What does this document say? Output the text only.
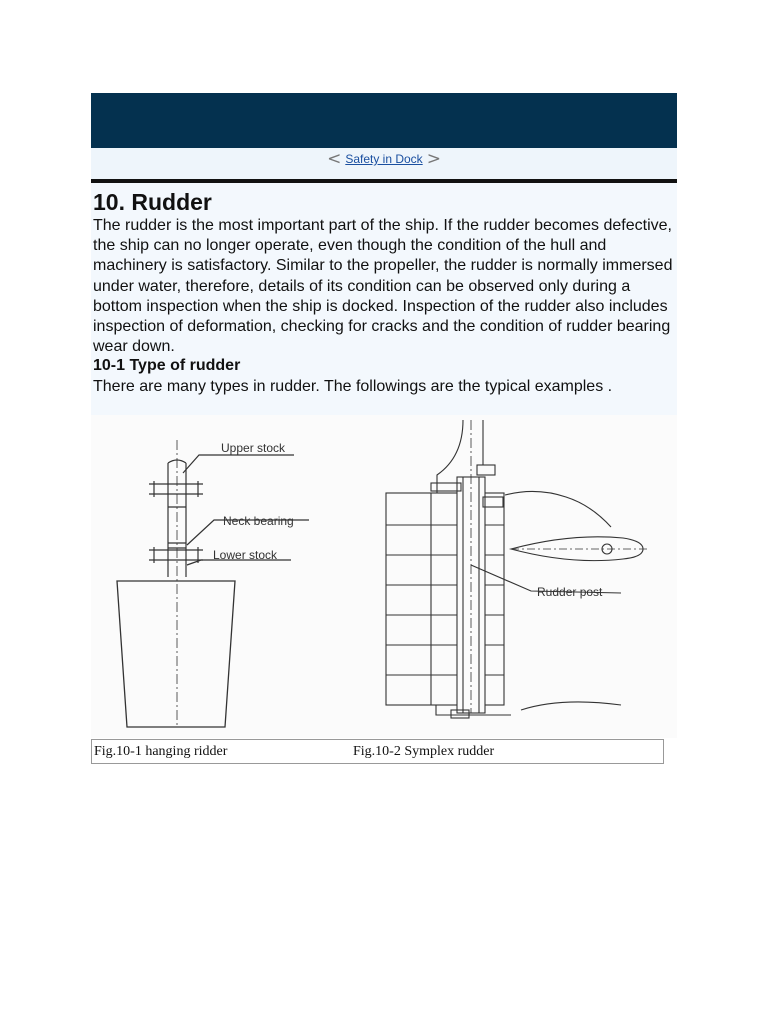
< Safety in Dock >
10. Rudder

The rudder is the most important part of the ship. If the rudder becomes defective, the ship can no longer operate, even though the condition of the hull and machinery is satisfactory. Similar to the propeller, the rudder is normally immersed under water, therefore, details of its condition can be observed only during a bottom inspection when the ship is docked. Inspection of the rudder also includes inspection of deformation, checking for cracks and the condition of rudder bearing wear down.

10-1 Type of rudder

There are many types in rudder. The followings are the typical examples .

Upper stock
Neck bearing
Lower stock
Rudder post
Fig.10-1 hanging ridder	Fig.10-2 Symplex rudder
